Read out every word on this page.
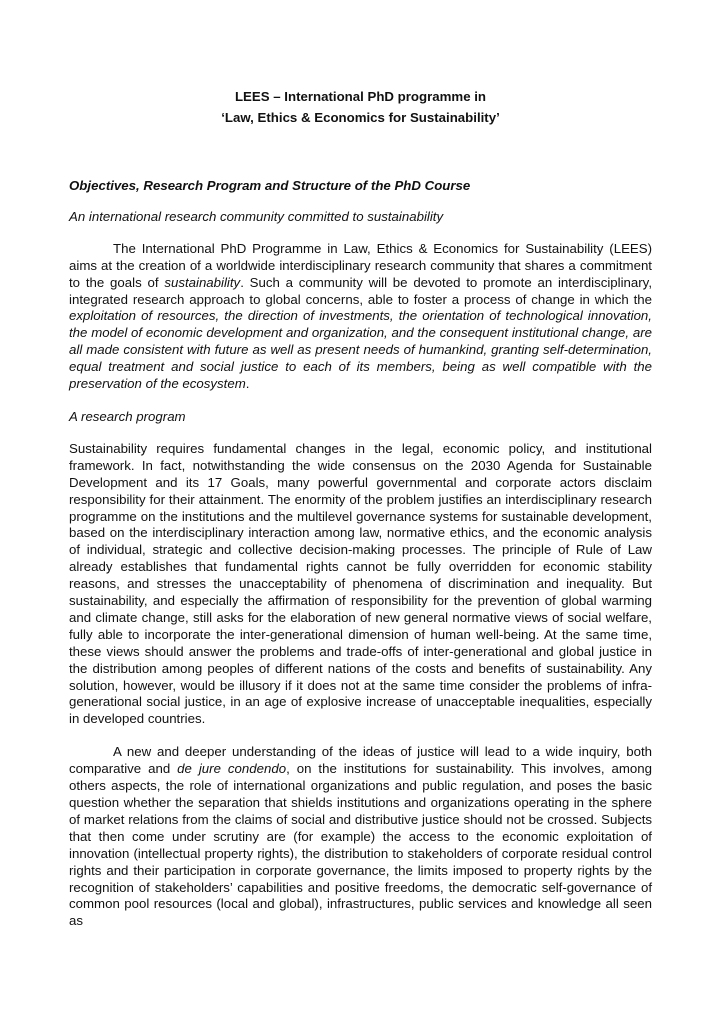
LEES – International PhD programme in

‘Law, Ethics & Economics for Sustainability’

Objectives, Research Program and Structure of the PhD Course

An international research community committed to sustainability

The International PhD Programme in Law, Ethics & Economics for Sustainability (LEES) aims at the creation of a worldwide interdisciplinary research community that shares a commitment to the goals of sustainability. Such a community will be devoted to promote an interdisciplinary, integrated research approach to global concerns, able to foster a process of change in which the exploitation of resources, the direction of investments, the orientation of technological innovation, the model of economic development and organization, and the consequent institutional change, are all made consistent with future as well as present needs of humankind, granting self-determination, equal treatment and social justice to each of its members, being as well compatible with the preservation of the ecosystem.

A research program

Sustainability requires fundamental changes in the legal, economic policy, and institutional framework. In fact, notwithstanding the wide consensus on the 2030 Agenda for Sustainable Development and its 17 Goals, many powerful governmental and corporate actors disclaim responsibility for their attainment. The enormity of the problem justifies an interdisciplinary research programme on the institutions and the multilevel governance systems for sustainable development, based on the interdisciplinary interaction among law, normative ethics, and the economic analysis of individual, strategic and collective decision-making processes. The principle of Rule of Law already establishes that fundamental rights cannot be fully overridden for economic stability reasons, and stresses the unacceptability of phenomena of discrimination and inequality. But sustainability, and especially the affirmation of responsibility for the prevention of global warming and climate change, still asks for the elaboration of new general normative views of social welfare, fully able to incorporate the inter-generational dimension of human well-being. At the same time, these views should answer the problems and trade-offs of inter-generational and global justice in the distribution among peoples of different nations of the costs and benefits of sustainability. Any solution, however, would be illusory if it does not at the same time consider the problems of infra-generational social justice, in an age of explosive increase of unacceptable inequalities, especially in developed countries.

A new and deeper understanding of the ideas of justice will lead to a wide inquiry, both comparative and de jure condendo, on the institutions for sustainability. This involves, among others aspects, the role of international organizations and public regulation, and poses the basic question whether the separation that shields institutions and organizations operating in the sphere of market relations from the claims of social and distributive justice should not be crossed. Subjects that then come under scrutiny are (for example) the access to the economic exploitation of innovation (intellectual property rights), the distribution to stakeholders of corporate residual control rights and their participation in corporate governance, the limits imposed to property rights by the recognition of stakeholders’ capabilities and positive freedoms, the democratic self-governance of common pool resources (local and global), infrastructures, public services and knowledge all seen as
